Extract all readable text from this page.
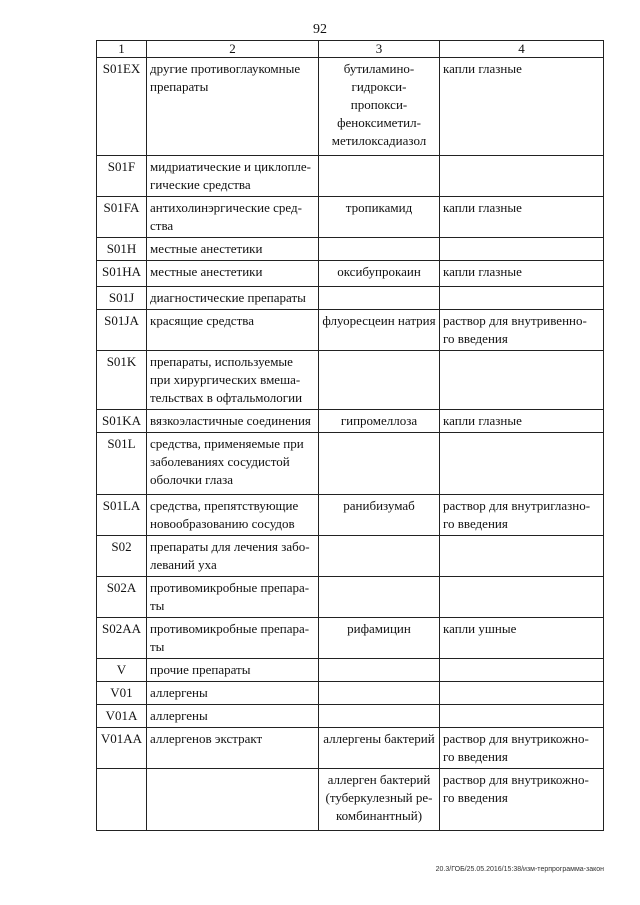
92
1	2	3	4
S01EX	другие противоглаукомные
препараты	бутиламино-
гидрокси-
пропокси-
феноксиметил-
метилоксадиазол	капли глазные

S01F	мидриатические и циклопле-
гические средства		

S01FA	антихолинэргические сред-
ства	тропикамид	капли глазные

S01H	местные анестетики		

S01HA	местные анестетики	оксибупрокаин	капли глазные

S01J	диагностические препараты		

S01JA	красящие средства	флуоресцеин натрия	раствор для внутривенно-
го введения

S01K	препараты, используемые
при хирургических вмеша-
тельствах в офтальмологии		

S01KA	вязкоэластичные соединения	гипромеллоза	капли глазные

S01L	средства, применяемые при
заболеваниях сосудистой
оболочки глаза		

S01LA	средства, препятствующие
новообразованию сосудов	ранибизумаб	раствор для внутриглазно-
го введения

S02	препараты для лечения забо-
леваний уха		

S02A	противомикробные препара-
ты		

S02AA	противомикробные препара-
ты	рифамицин	капли ушные

V	прочие препараты		

V01	аллергены		

V01A	аллергены		

V01AA	аллергенов экстракт	аллергены бактерий	раствор для внутрикожно-
го введения

		аллерген бактерий
(туберкулезный ре-
комбинантный)	раствор для внутрикожно-
го введения
20.3/ГОБ/25.05.2016/15:38/изм-терпрограмма-закон
